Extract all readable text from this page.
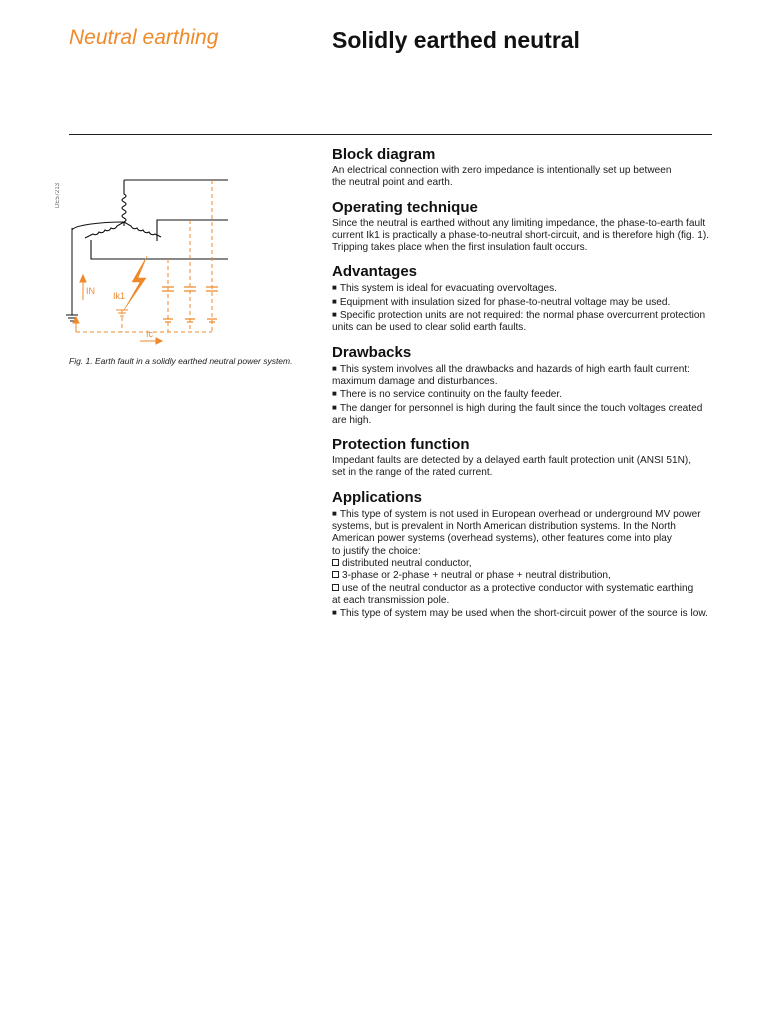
Neutral earthing	Solidly earthed neutral
DE57213
IN Ik1
Ic
Fig. 1. Earth fault in a solidly earthed neutral power system.
Block diagram

An electrical connection with zero impedance is intentionally set up between
the neutral point and earth.

Operating technique

Since the neutral is earthed without any limiting impedance, the phase-to-earth fault
current Ik1 is practically a phase-to-neutral short-circuit, and is therefore high (fig. 1).
Tripping takes place when the first insulation fault occurs.

Advantages

■ This system is ideal for evacuating overvoltages.
■ Equipment with insulation sized for phase-to-neutral voltage may be used.
■ Specific protection units are not required: the normal phase overcurrent protection
units can be used to clear solid earth faults.

Drawbacks

■ This system involves all the drawbacks and hazards of high earth fault current:
maximum damage and disturbances.
■ There is no service continuity on the faulty feeder.
■ The danger for personnel is high during the fault since the touch voltages created
are high.

Protection function

Impedant faults are detected by a delayed earth fault protection unit (ANSI 51N),
set in the range of the rated current.

Applications

■ This type of system is not used in European overhead or underground MV power
systems, but is prevalent in North American distribution systems. In the North
American power systems (overhead systems), other features come into play
to justify the choice:
distributed neutral conductor,
3-phase or 2-phase + neutral or phase + neutral distribution,
use of the neutral conductor as a protective conductor with systematic earthing
at each transmission pole.
■ This type of system may be used when the short-circuit power of the source is low.
